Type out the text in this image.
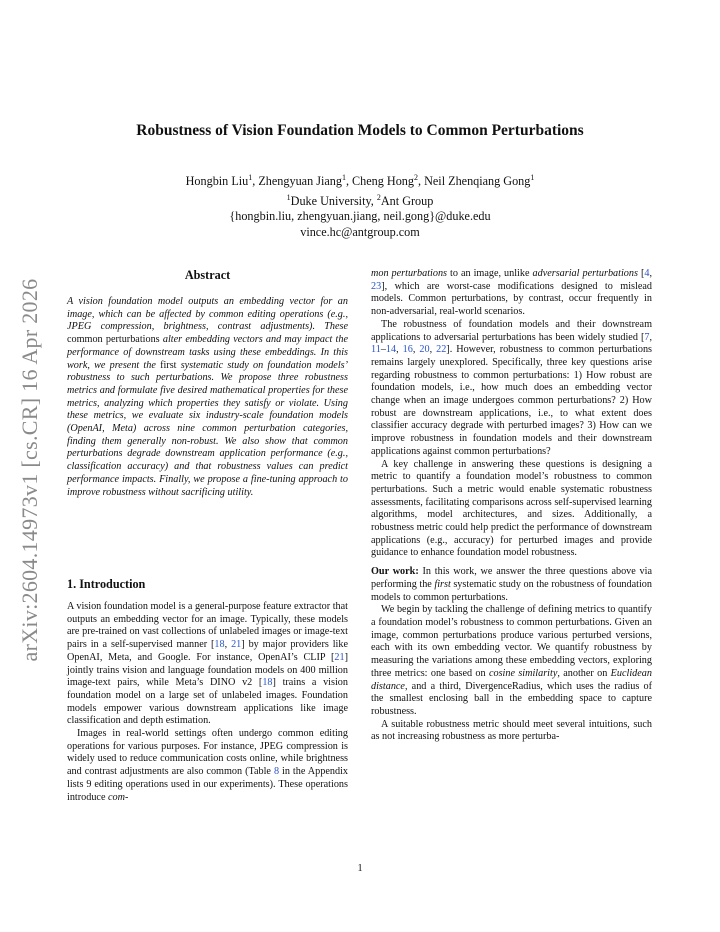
arXiv:2604.14973v1 [cs.CR] 16 Apr 2026
Robustness of Vision Foundation Models to Common Perturbations
Hongbin Liu$^1$, Zhengyuan Jiang$^1$, Cheng Hong$^2$, Neil Zhenqiang Gong$^1$
$^1$Duke University, $^2$Ant Group
{hongbin.liu, zhengyuan.jiang, neil.gong}@duke.edu
vince.hc@antgroup.com
Abstract

A vision foundation model outputs an embedding vector for an image, which can be affected by common editing operations (e.g., JPEG compression, brightness, contrast adjustments). These common perturbations alter embedding vectors and may impact the performance of downstream tasks using these embeddings. In this work, we present the first systematic study on foundation models’ robustness to such perturbations. We propose three robustness metrics and formulate five desired mathematical properties for these metrics, analyzing which properties they satisfy or violate. Using these metrics, we evaluate six industry-scale foundation models (OpenAI, Meta) across nine common perturbation categories, finding them generally non-robust. We also show that common perturbations degrade downstream application performance (e.g., classification accuracy) and that robustness values can predict performance impacts. Finally, we propose a fine-tuning approach to improve robustness without sacrificing utility.

1. Introduction

A vision foundation model is a general-purpose feature extractor that outputs an embedding vector for an image. Typically, these models are pre-trained on vast collections of unlabeled images or image-text pairs in a self-supervised manner [18, 21] by major providers like OpenAI, Meta, and Google. For instance, OpenAI’s CLIP [21] jointly trains vision and language foundation models on 400 million image-text pairs, while Meta’s DINO v2 [18] trains a vision foundation model on a large set of unlabeled images. Foundation models empower various downstream applications like image classification and depth estimation.

Images in real-world settings often undergo common editing operations for various purposes. For instance, JPEG compression is widely used to reduce communication costs online, while brightness and contrast adjustments are also common (Table 8 in the Appendix lists 9 editing operations used in our experiments). These operations introduce com-

mon perturbations to an image, unlike adversarial perturbations [4, 23], which are worst-case modifications designed to mislead models. Common perturbations, by contrast, occur frequently in non-adversarial, real-world scenarios.

The robustness of foundation models and their downstream applications to adversarial perturbations has been widely studied [7, 11–14, 16, 20, 22]. However, robustness to common perturbations remains largely unexplored. Specifically, three key questions arise regarding robustness to common perturbations: 1) How robust are foundation models, i.e., how much does an embedding vector change when an image undergoes common perturbations? 2) How robust are downstream applications, i.e., to what extent does classifier accuracy degrade with perturbed images? 3) How can we improve robustness in foundation models and their downstream applications against common perturbations?

A key challenge in answering these questions is designing a metric to quantify a foundation model’s robustness to common perturbations. Such a metric would enable systematic robustness assessments, facilitating comparisons across self-supervised learning algorithms, model architectures, and sizes. Additionally, a robustness metric could help predict the performance of downstream applications (e.g., accuracy) for perturbed images and provide guidance to enhance foundation model robustness.

Our work: In this work, we answer the three questions above via performing the first systematic study on the robustness of foundation models to common perturbations.

We begin by tackling the challenge of defining metrics to quantify a foundation model’s robustness to common perturbations. Given an image, common perturbations produce various perturbed versions, each with its own embedding vector. We quantify robustness by measuring the variations among these embedding vectors, exploring three metrics: one based on cosine similarity, another on Euclidean distance, and a third, DivergenceRadius, which uses the radius of the smallest enclosing ball in the embedding space to capture robustness.

A suitable robustness metric should meet several intuitions, such as not increasing robustness as more perturba-

1
